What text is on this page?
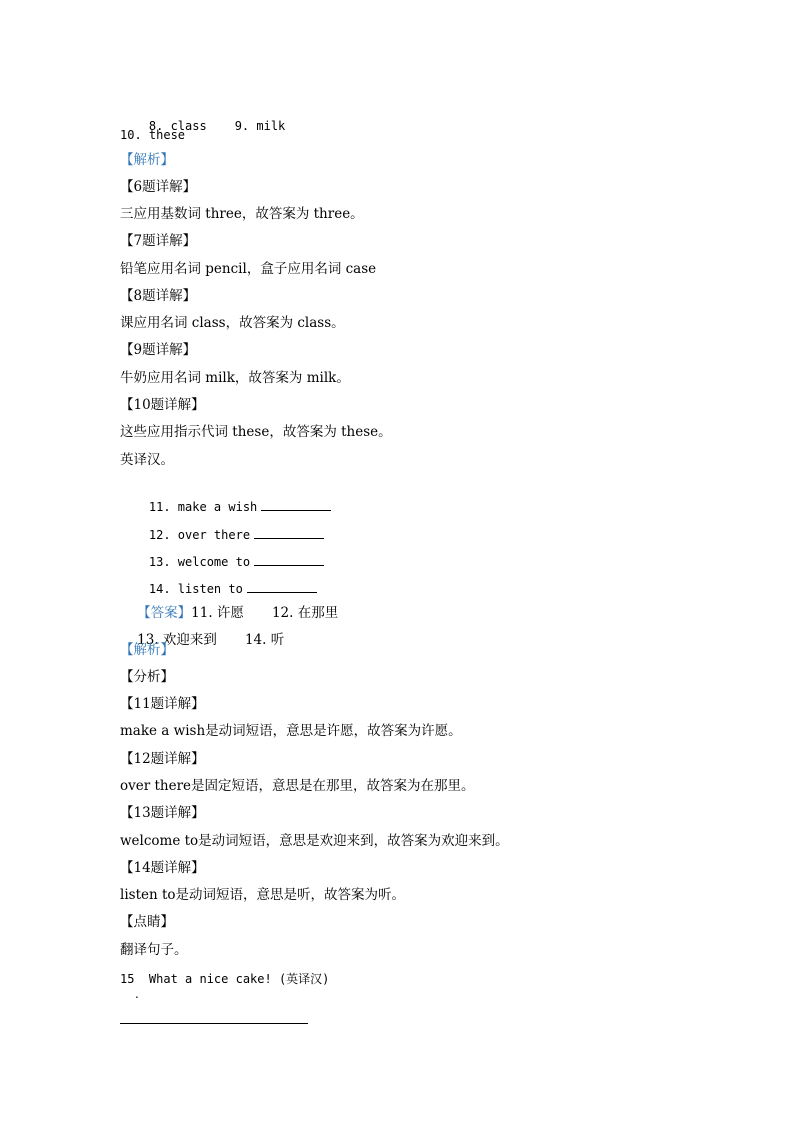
8. class 9. milk

10. these
【解析】
【6题详解】
三应用基数词 three，故答案为 three。
【7题详解】
铅笔应用名词 pencil，盒子应用名词 case
【8题详解】
课应用名词 class，故答案为 class。
【9题详解】
牛奶应用名词 milk，故答案为 milk。
【10题详解】
这些应用指示代词 these，故答案为 these。
英译汉。

11. make a wish

12. over there

13. welcome to

14. listen to

【答案】11. 许愿 12. 在那里

13. 欢迎来到 14. 听

【解析】
【分析】
【11题详解】
make a wish是动词短语，意思是许愿，故答案为许愿。
【12题详解】
over there是固定短语，意思是在那里，故答案为在那里。
【13题详解】
welcome to是动词短语，意思是欢迎来到，故答案为欢迎来到。
【14题详解】
listen to是动词短语，意思是听，故答案为听。
【点睛】
翻译句子。
15  What a nice cake! (英译汉)
.
